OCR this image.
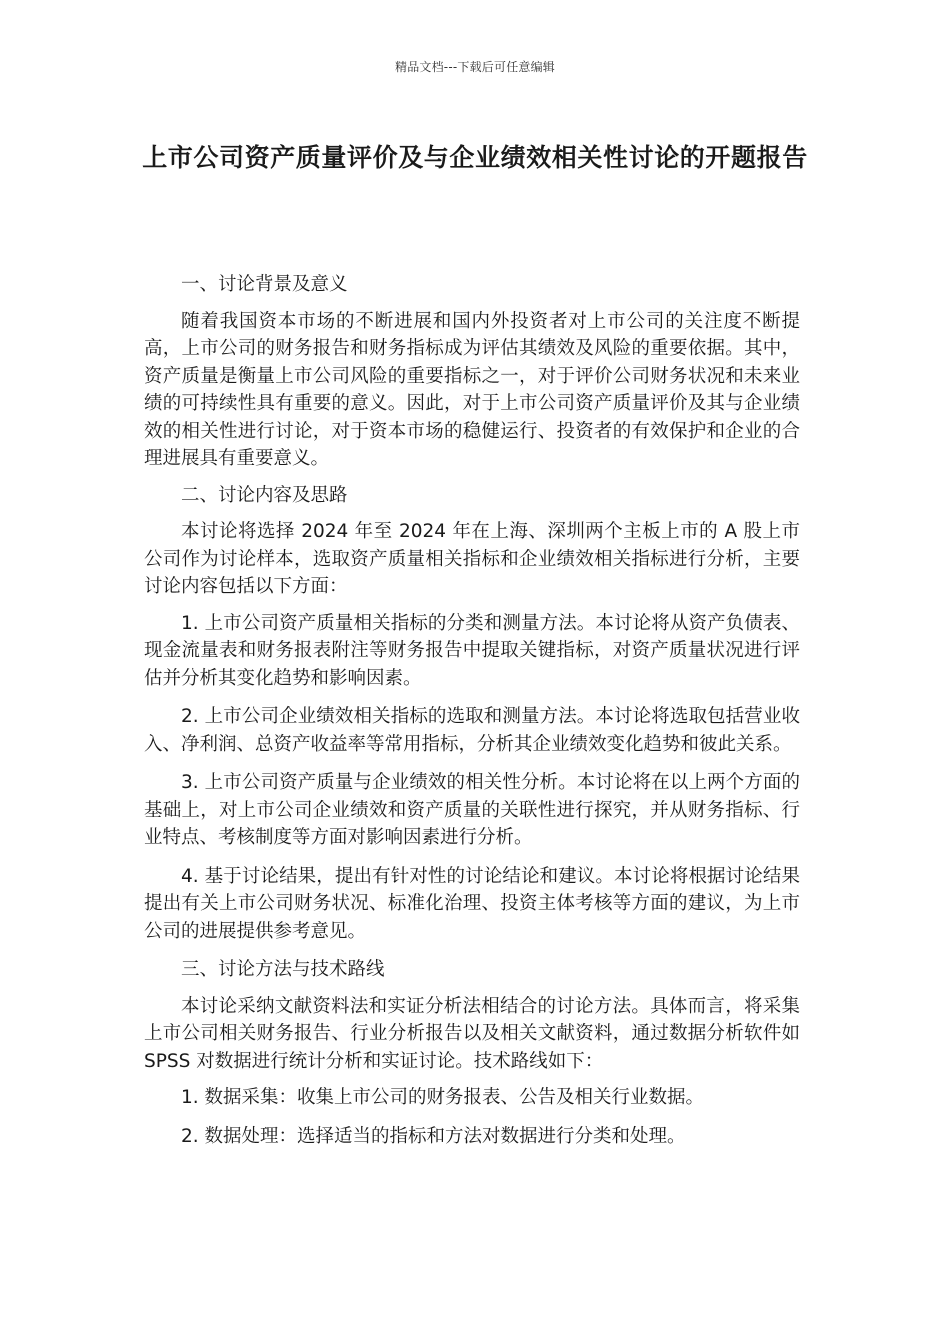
精品文档---下载后可任意编辑
上市公司资产质量评价及与企业绩效相关性讨论的开题报告

一、讨论背景及意义

随着我国资本市场的不断进展和国内外投资者对上市公司的关注度不断提高，上市公司的财务报告和财务指标成为评估其绩效及风险的重要依据。其中，资产质量是衡量上市公司风险的重要指标之一，对于评价公司财务状况和未来业绩的可持续性具有重要的意义。因此，对于上市公司资产质量评价及其与企业绩效的相关性进行讨论，对于资本市场的稳健运行、投资者的有效保护和企业的合理进展具有重要意义。

二、讨论内容及思路

本讨论将选择 2024 年至 2024 年在上海、深圳两个主板上市的 A 股上市公司作为讨论样本，选取资产质量相关指标和企业绩效相关指标进行分析，主要讨论内容包括以下方面：

1. 上市公司资产质量相关指标的分类和测量方法。本讨论将从资产负债表、现金流量表和财务报表附注等财务报告中提取关键指标，对资产质量状况进行评估并分析其变化趋势和影响因素。

2. 上市公司企业绩效相关指标的选取和测量方法。本讨论将选取包括营业收入、净利润、总资产收益率等常用指标，分析其企业绩效变化趋势和彼此关系。

3. 上市公司资产质量与企业绩效的相关性分析。本讨论将在以上两个方面的基础上，对上市公司企业绩效和资产质量的关联性进行探究，并从财务指标、行业特点、考核制度等方面对影响因素进行分析。

4. 基于讨论结果，提出有针对性的讨论结论和建议。本讨论将根据讨论结果提出有关上市公司财务状况、标准化治理、投资主体考核等方面的建议，为上市公司的进展提供参考意见。

三、讨论方法与技术路线

本讨论采纳文献资料法和实证分析法相结合的讨论方法。具体而言，将采集上市公司相关财务报告、行业分析报告以及相关文献资料，通过数据分析软件如 SPSS 对数据进行统计分析和实证讨论。技术路线如下：

1. 数据采集：收集上市公司的财务报表、公告及相关行业数据。

2. 数据处理：选择适当的指标和方法对数据进行分类和处理。
